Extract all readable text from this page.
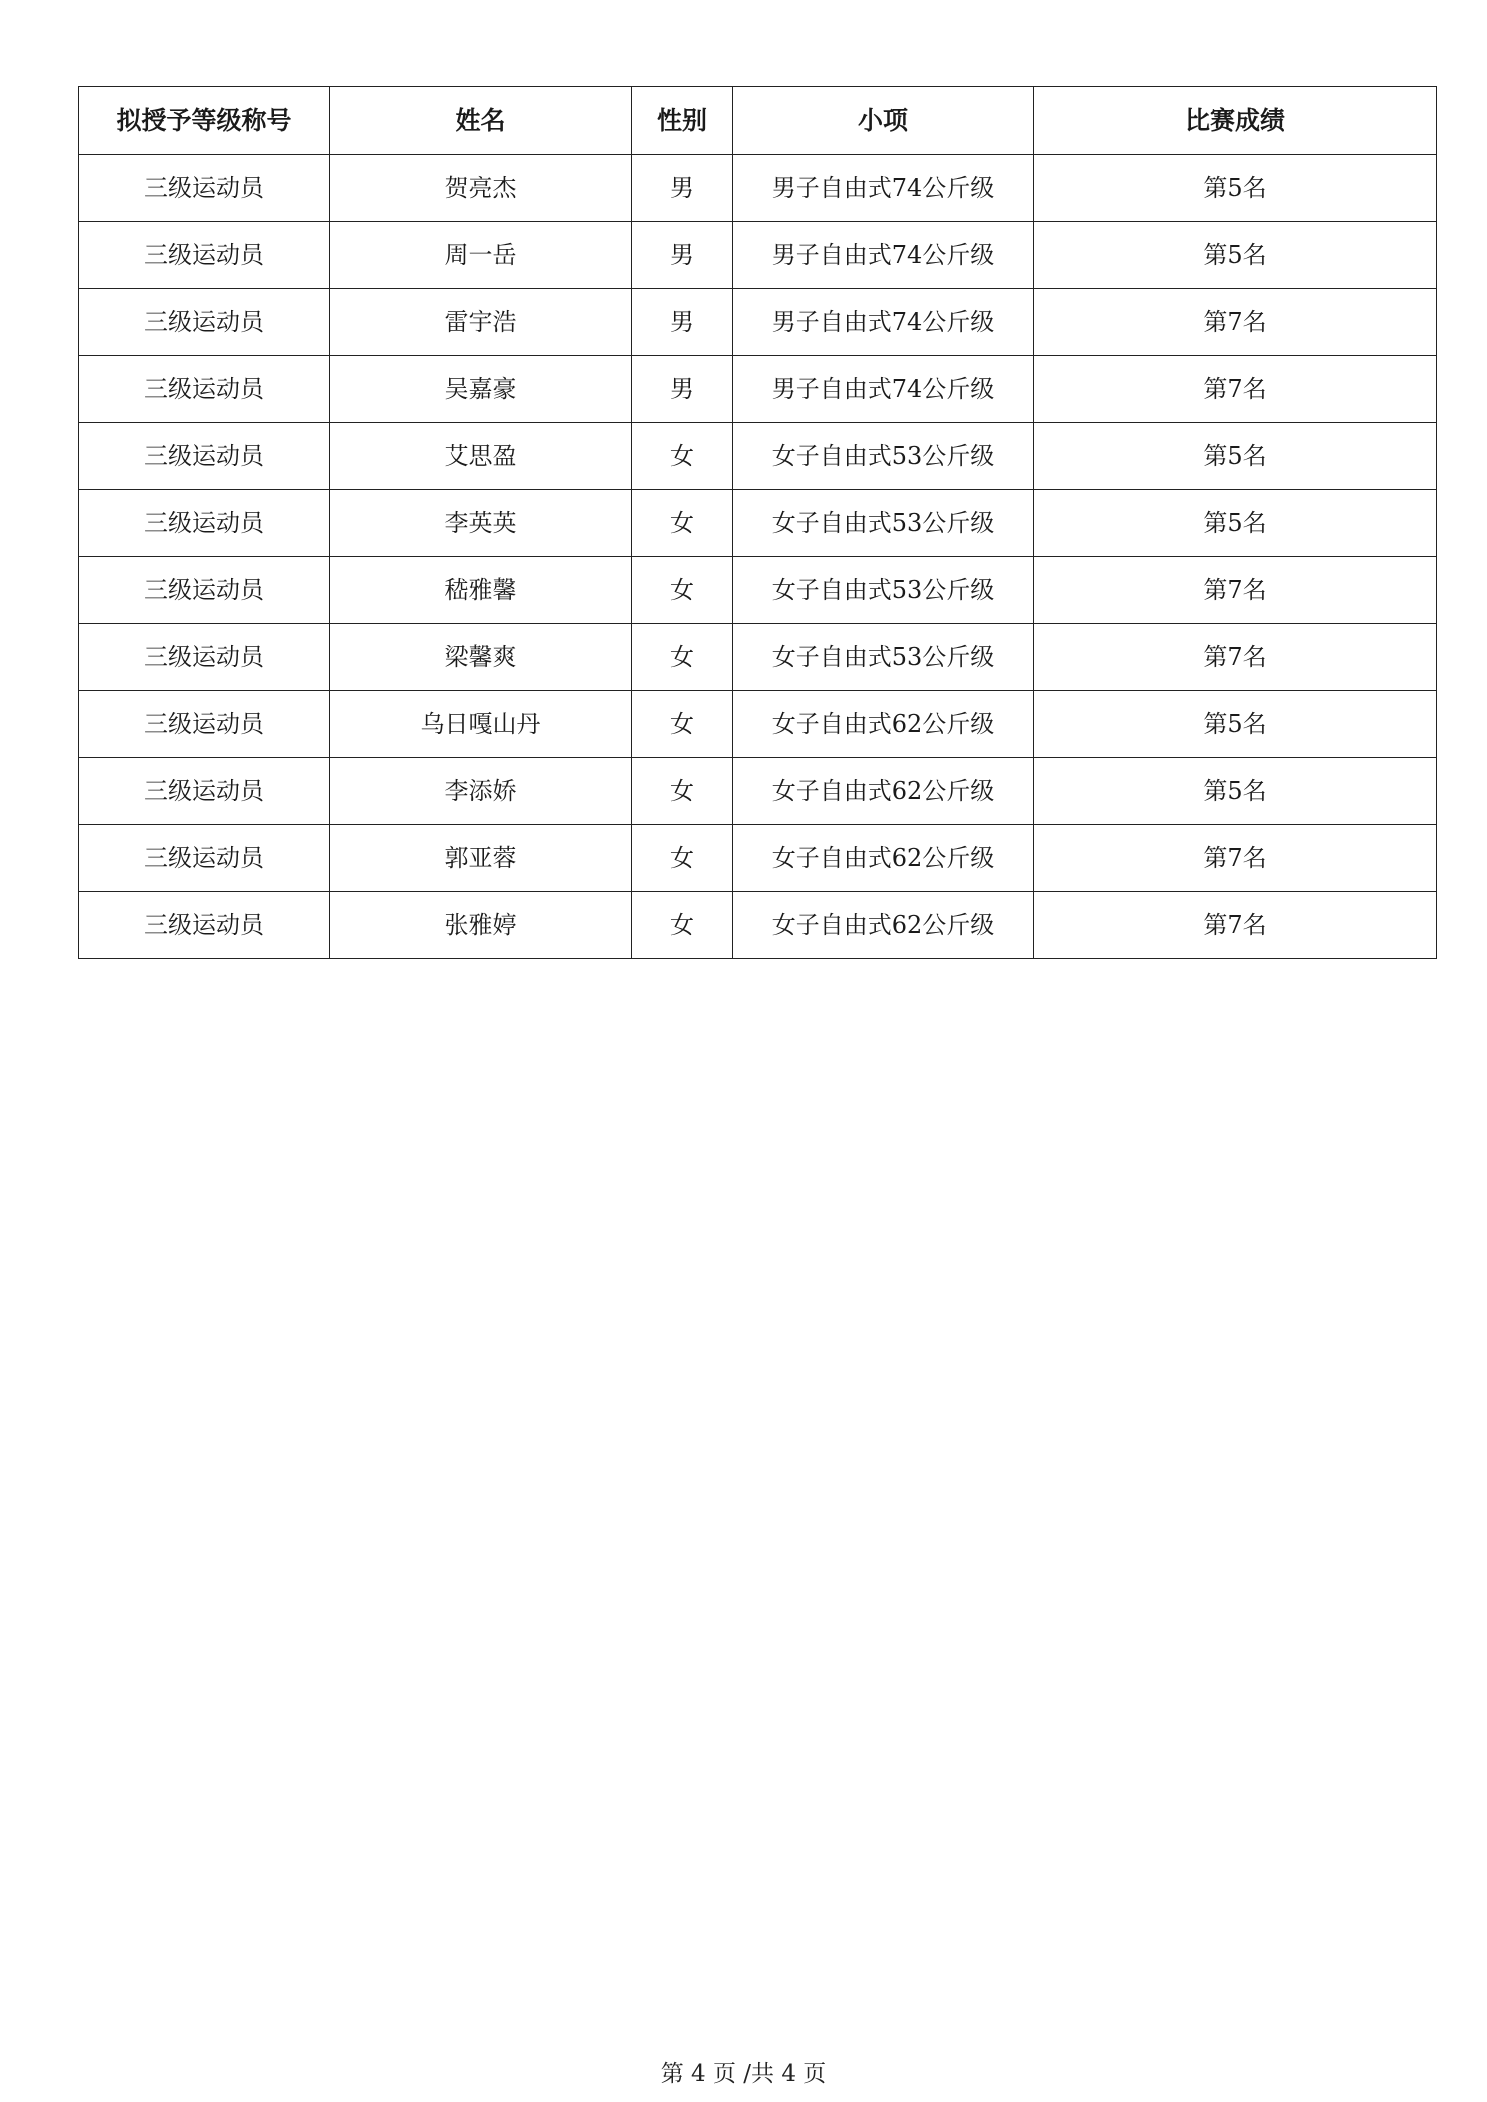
拟授予等级称号	姓名	性别	小项	比赛成绩
三级运动员	贺亮杰	男	男子自由式74公斤级	第5名
三级运动员	周一岳	男	男子自由式74公斤级	第5名
三级运动员	雷宇浩	男	男子自由式74公斤级	第7名
三级运动员	吴嘉豪	男	男子自由式74公斤级	第7名
三级运动员	艾思盈	女	女子自由式53公斤级	第5名
三级运动员	李英英	女	女子自由式53公斤级	第5名
三级运动员	嵇雅馨	女	女子自由式53公斤级	第7名
三级运动员	梁馨爽	女	女子自由式53公斤级	第7名
三级运动员	乌日嘎山丹	女	女子自由式62公斤级	第5名
三级运动员	李添娇	女	女子自由式62公斤级	第5名
三级运动员	郭亚蓉	女	女子自由式62公斤级	第7名
三级运动员	张雅婷	女	女子自由式62公斤级	第7名
第 4 页 /共 4 页
